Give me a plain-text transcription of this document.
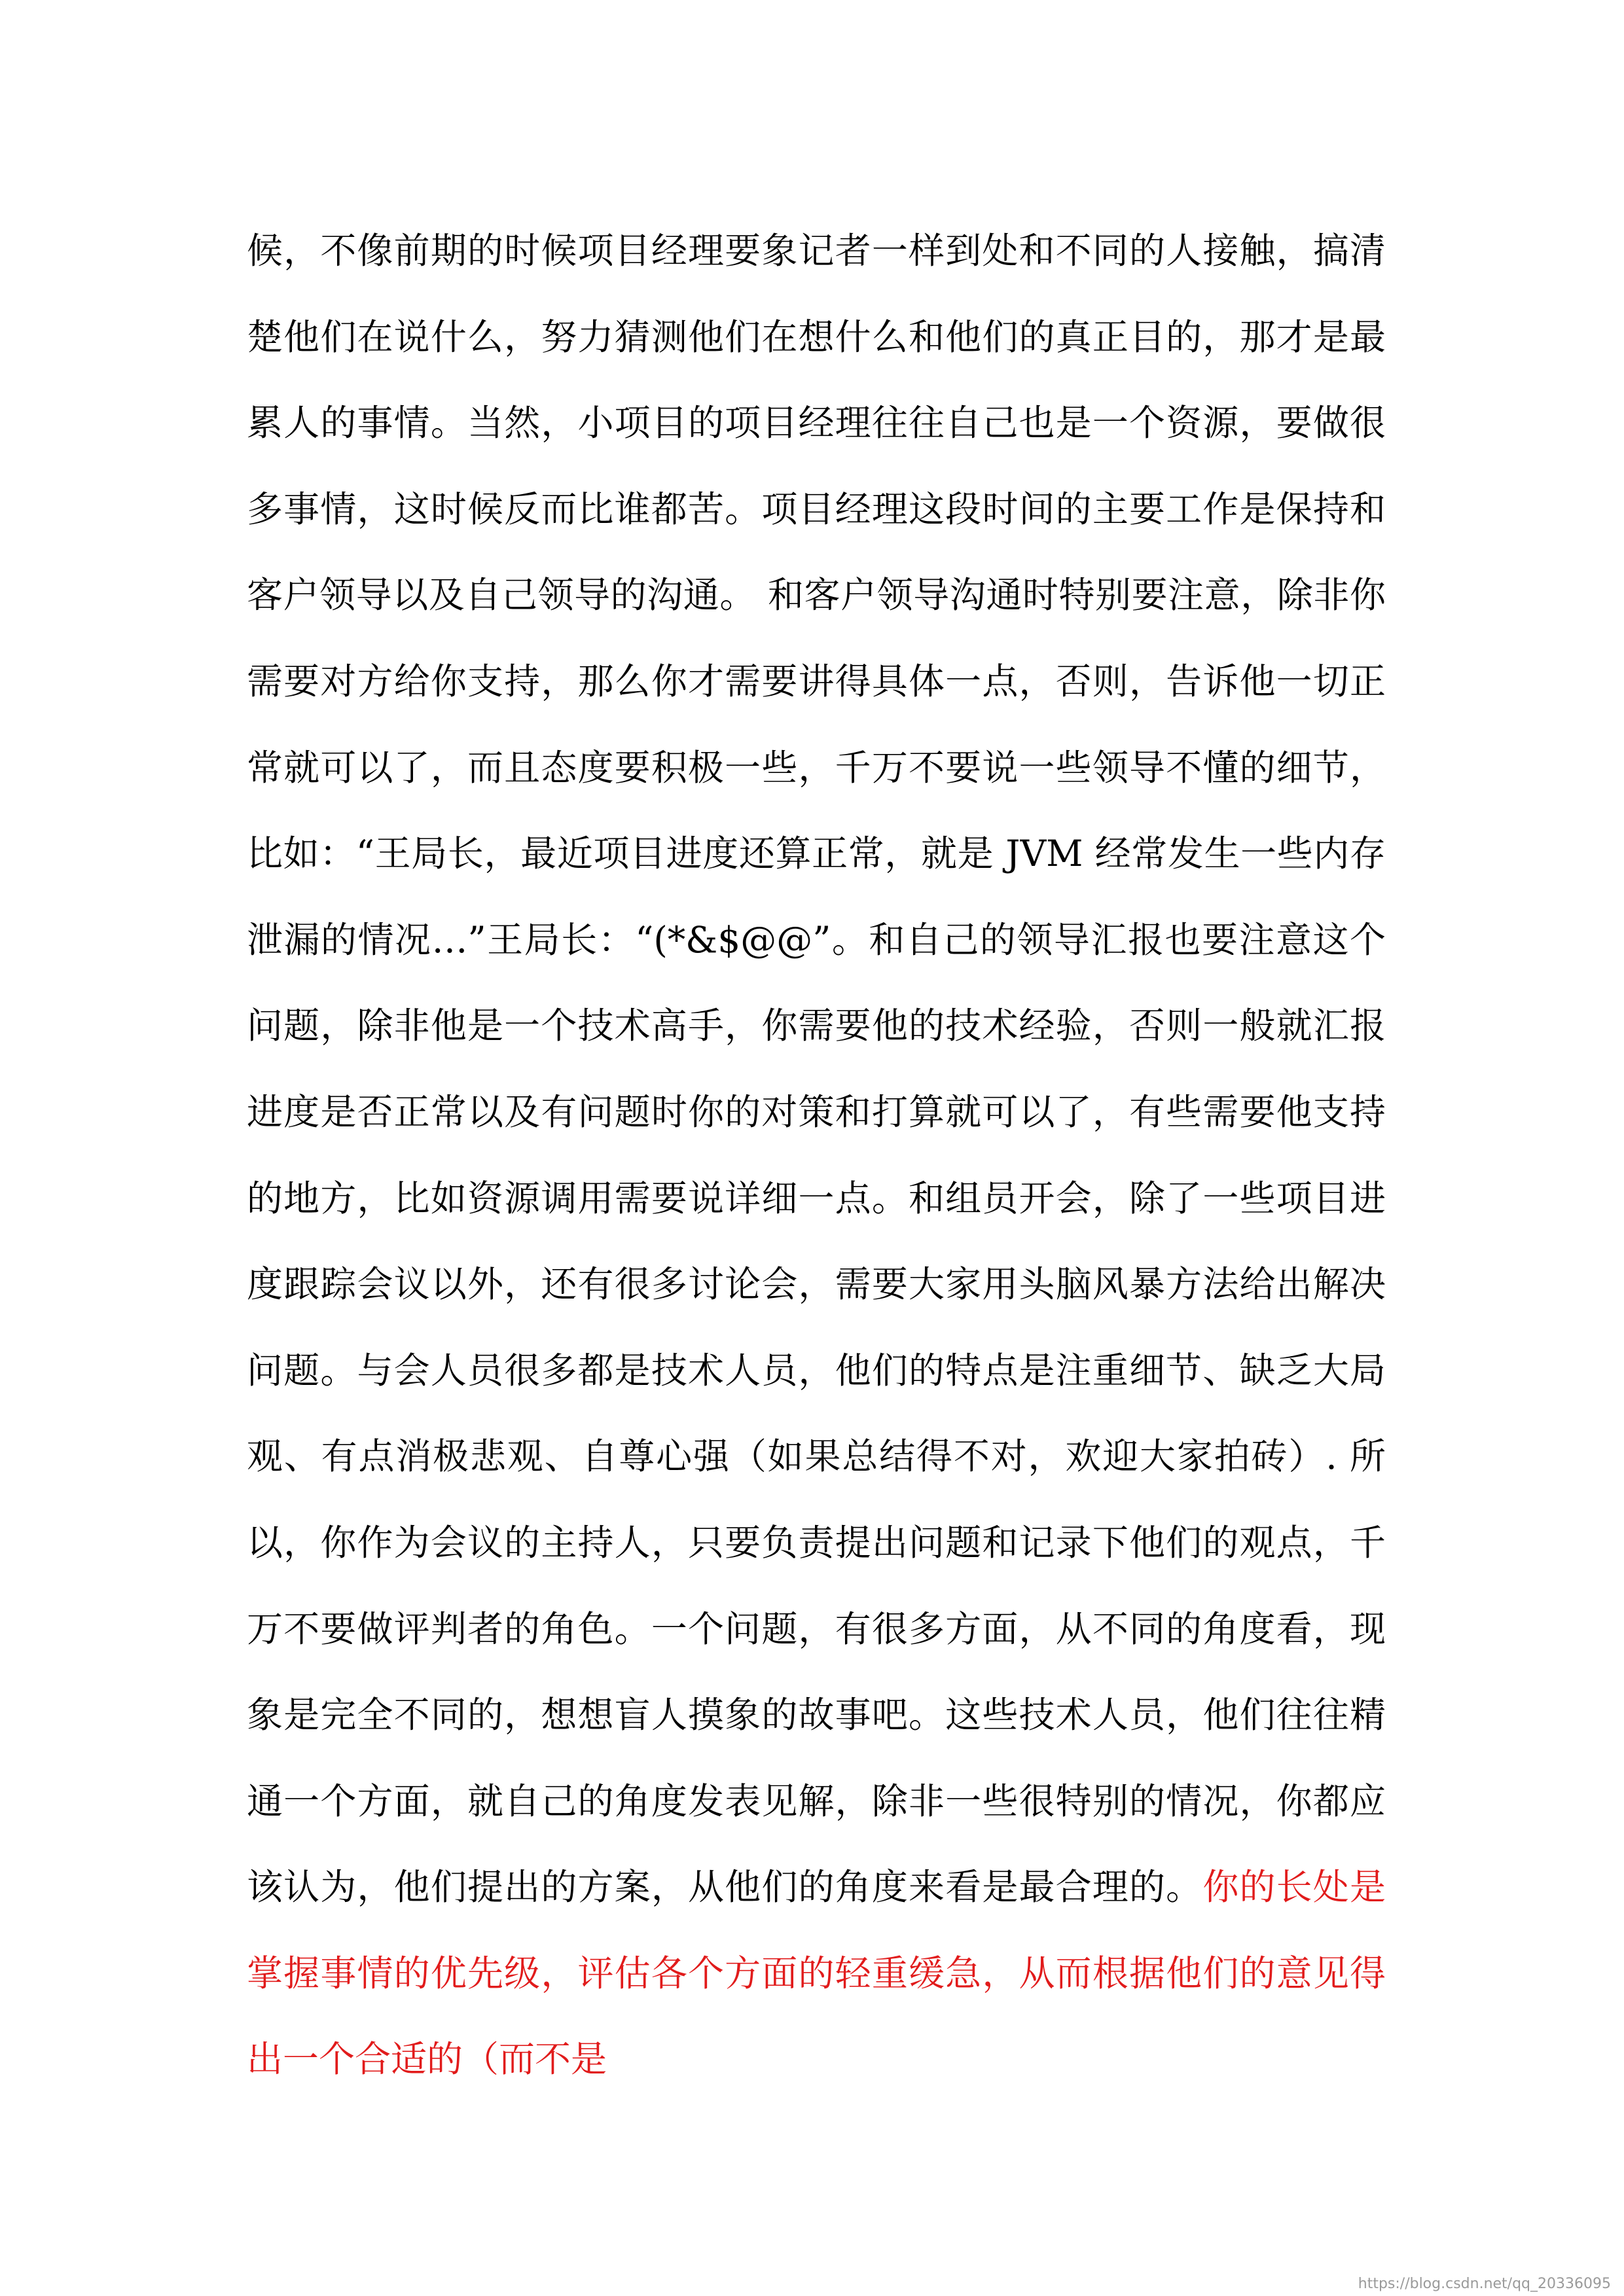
候，不像前期的时候项目经理要象记者一样到处和不同的人接触，搞清楚他们在说什么，努力猜测他们在想什么和他们的真正目的，那才是最累人的事情。当然，小项目的项目经理往往自己也是一个资源，要做很多事情，这时候反而比谁都苦。项目经理这段时间的主要工作是保持和客户领导以及自己领导的沟通。 和客户领导沟通时特别要注意，除非你需要对方给你支持，那么你才需要讲得具体一点，否则，告诉他一切正常就可以了，而且态度要积极一些，千万不要说一些领导不懂的细节，比如：“王局长，最近项目进度还算正常，就是 JVM 经常发生一些内存泄漏的情况…”王局长：“(*&$@@”。和自己的领导汇报也要注意这个问题，除非他是一个技术高手，你需要他的技术经验，否则一般就汇报进度是否正常以及有问题时你的对策和打算就可以了，有些需要他支持的地方，比如资源调用需要说详细一点。和组员开会，除了一些项目进度跟踪会议以外，还有很多讨论会，需要大家用头脑风暴方法给出解决问题。与会人员很多都是技术人员，他们的特点是注重细节、缺乏大局观、有点消极悲观、自尊心强（如果总结得不对，欢迎大家拍砖）. 所以，你作为会议的主持人，只要负责提出问题和记录下他们的观点，千万不要做评判者的角色。一个问题，有很多方面，从不同的角度看，现象是完全不同的，想想盲人摸象的故事吧。这些技术人员，他们往往精通一个方面，就自己的角度发表见解，除非一些很特别的情况，你都应该认为，他们提出的方案，从他们的角度来看是最合理的。你的长处是掌握事情的优先级，评估各个方面的轻重缓急，从而根据他们的意见得出一个合适的（而不是

https://blog.csdn.net/qq_20336095
